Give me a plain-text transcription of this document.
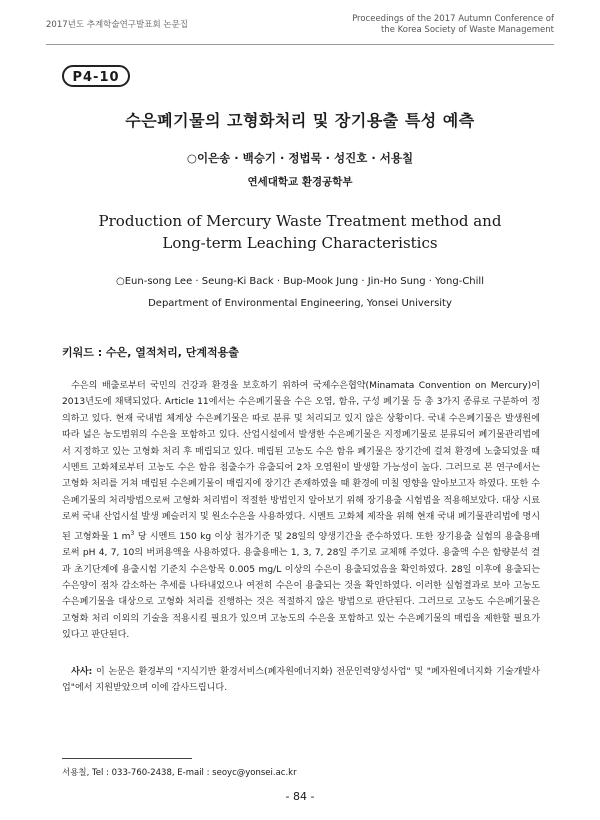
2017년도 추계학술연구발표회 논문집
Proceedings of the 2017 Autumn Conference of
the Korea Society of Waste Management
P4-10
수은폐기물의 고형화처리 및 장기용출 특성 예측
○이은송 · 백승기 · 정법묵 · 성진호 · 서용칠
연세대학교 환경공학부
Production of Mercury Waste Treatment method and
Long-term Leaching Characteristics
○Eun-song Lee · Seung-Ki Back · Bup-Mook Jung · Jin-Ho Sung · Yong-Chill
Department of Environmental Engineering, Yonsei University
키워드 : 수은, 열적처리, 단계적용출

수은의 배출로부터 국민의 건강과 환경을 보호하기 위하여 국제수은협약(Minamata Convention on Mercury)이 2013년도에 채택되었다. Article 11에서는 수은폐기물을 수은 오염, 함유, 구성 폐기물 등 총 3가지 종류로 구분하여 정의하고 있다. 현재 국내법 체계상 수은폐기물은 따로 분류 및 처리되고 있지 않은 상황이다. 국내 수은폐기물은 발생원에 따라 넓은 농도범위의 수은을 포함하고 있다. 산업시설에서 발생한 수은폐기물은 지정폐기물로 분류되어 폐기물관리법에서 지정하고 있는 고형화 처리 후 매립되고 있다. 매립된 고농도 수은 함유 폐기물은 장기간에 걸쳐 환경에 노출되었을 때 시멘트 고화체로부터 고농도 수은 함유 침출수가 유출되어 2차 오염원이 발생할 가능성이 높다. 그러므로 본 연구에서는 고형화 처리를 거쳐 매립된 수은폐기물이 매립지에 장기간 존재하였을 때 환경에 미칠 영향을 알아보고자 하였다. 또한 수은폐기물의 처리방법으로써 고형화 처리법이 적절한 방법인지 알아보기 위해 장기용출 시험법을 적용해보았다. 대상 시료로써 국내 산업시설 발생 폐슬러지 및 원소수은을 사용하였다. 시멘트 고화체 제작을 위해 현재 국내 폐기물관리법에 명시된 고형화물 1 $m^3$ 당 시멘트 150 kg 이상 첨가기준 및 28일의 양생기간을 준수하였다. 또한 장기용출 실험의 용출용매로써 pH 4, 7, 10의 버퍼용액을 사용하였다. 용출용매는 1, 3, 7, 28일 주기로 교체해 주었다. 용출액 수은 함량분석 결과 초기단계에 용출시험 기준치 수은항목 0.005 mg/L 이상의 수은이 용출되었음을 확인하였다. 28일 이후에 용출되는 수은양이 점차 감소하는 추세를 나타내었으나 여전히 수은이 용출되는 것을 확인하였다. 이러한 실험결과로 보아 고농도 수은폐기물을 대상으로 고형화 처리를 진행하는 것은 적절하지 않은 방법으로 판단된다. 그러므로 고농도 수은폐기물은 고형화 처리 이외의 기술을 적용시킬 필요가 있으며 고농도의 수은을 포함하고 있는 수은폐기물의 매립을 제한할 필요가 있다고 판단된다.

사사: 이 논문은 환경부의 "지식기반 환경서비스(폐자원에너지화) 전문인력양성사업" 및 "폐자원에너지화 기술개발사업"에서 지원받았으며 이에 감사드립니다.

서용칠, Tel : 033-760-2438, E-mail : seoyc@yonsei.ac.kr
- 84 -
